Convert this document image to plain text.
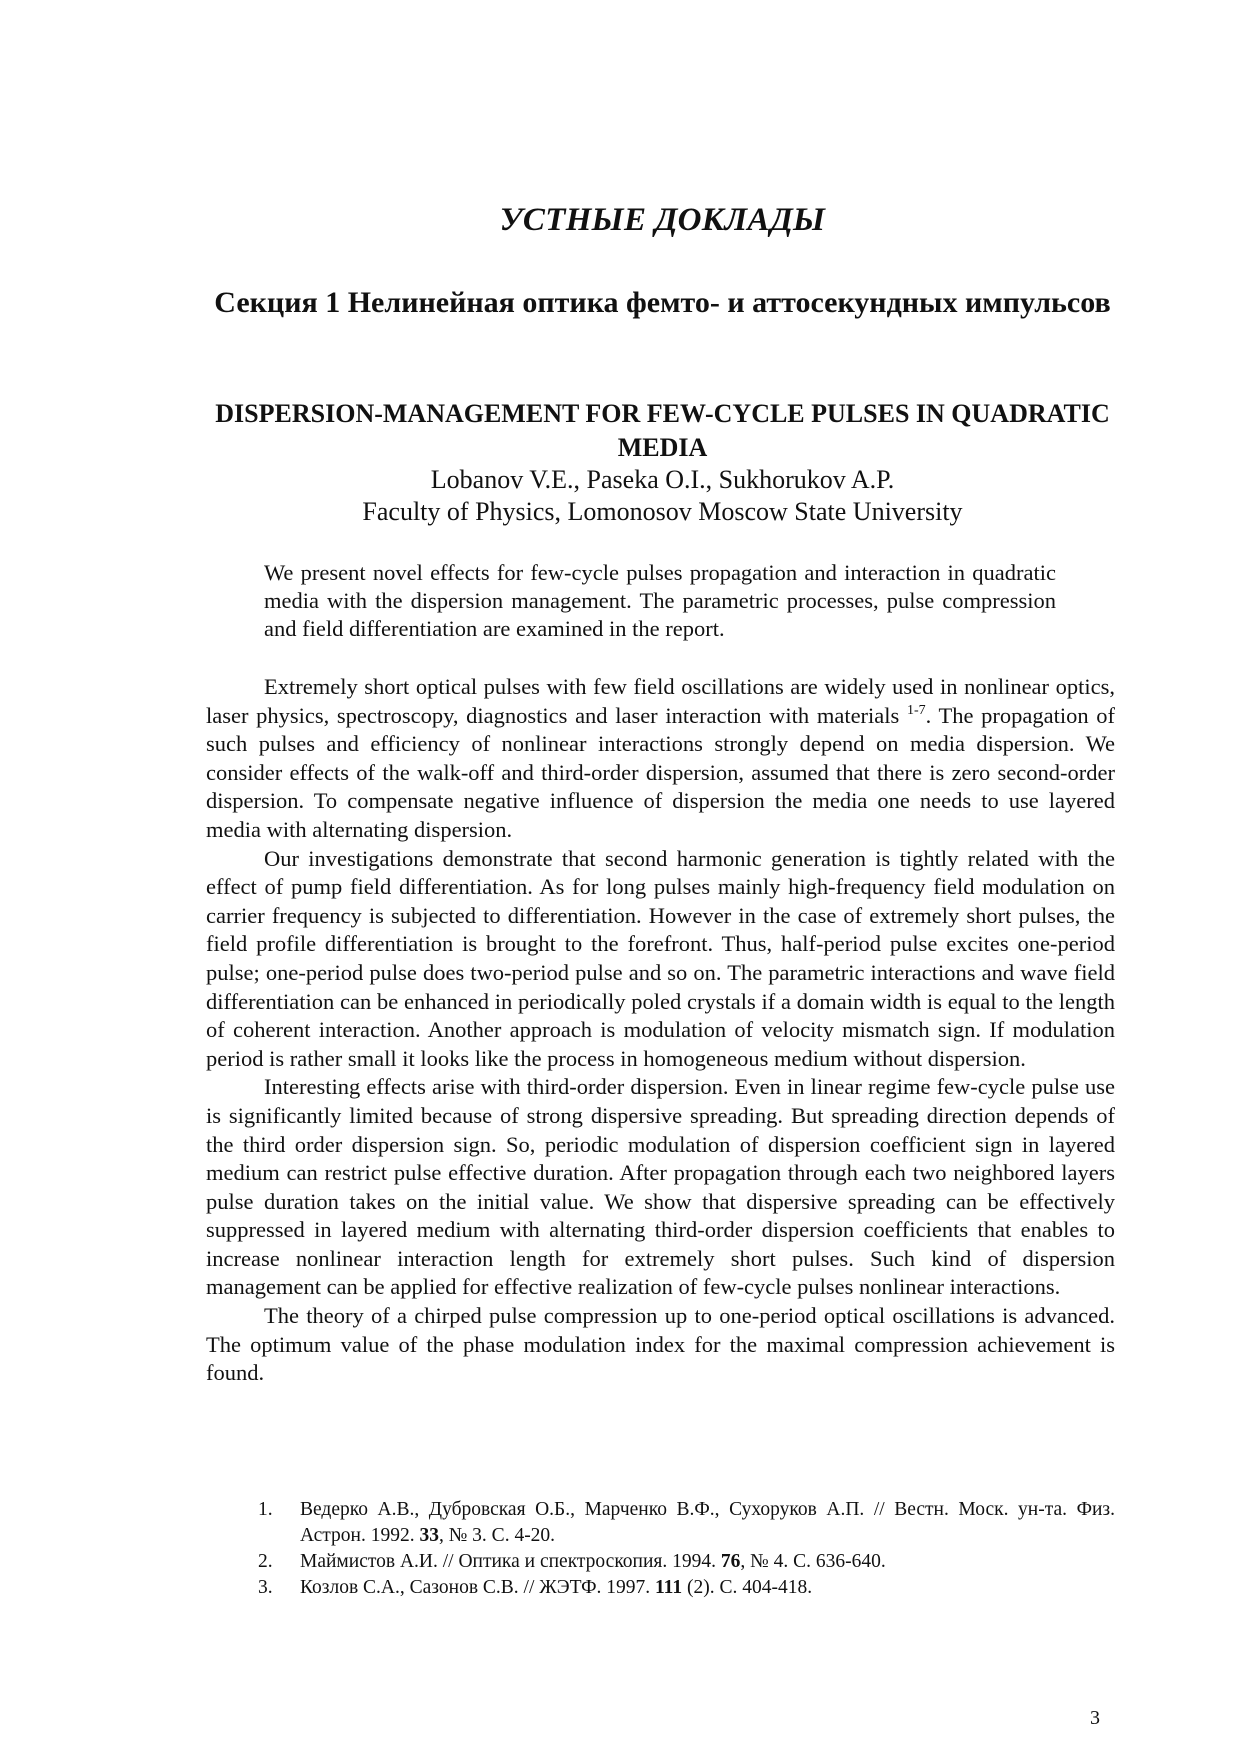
УСТНЫЕ ДОКЛАДЫ
Секция 1 Нелинейная оптика фемто- и аттосекундных импульсов
DISPERSION-MANAGEMENT FOR FEW-CYCLE PULSES IN QUADRATIC MEDIA
Lobanov V.E., Paseka O.I., Sukhorukov A.P.
Faculty of Physics, Lomonosov Moscow State University
We present novel effects for few-cycle pulses propagation and interaction in quadratic media with the dispersion management. The parametric processes, pulse compression and field differentiation are examined in the report.

Extremely short optical pulses with few field oscillations are widely used in nonlinear optics, laser physics, spectroscopy, diagnostics and laser interaction with materials $^{1-7}$. The propagation of such pulses and efficiency of nonlinear interactions strongly depend on media dispersion. We consider effects of the walk-off and third-order dispersion, assumed that there is zero second-order dispersion. To compensate negative influence of dispersion the media one needs to use layered media with alternating dispersion.

Our investigations demonstrate that second harmonic generation is tightly related with the effect of pump field differentiation. As for long pulses mainly high-frequency field modulation on carrier frequency is subjected to differentiation. However in the case of extremely short pulses, the field profile differentiation is brought to the forefront. Thus, half-period pulse excites one-period pulse; one-period pulse does two-period pulse and so on. The parametric interactions and wave field differentiation can be enhanced in periodically poled crystals if a domain width is equal to the length of coherent interaction. Another approach is modulation of velocity mismatch sign. If modulation period is rather small it looks like the process in homogeneous medium without dispersion.

Interesting effects arise with third-order dispersion. Even in linear regime few-cycle pulse use is significantly limited because of strong dispersive spreading. But spreading direction depends of the third order dispersion sign. So, periodic modulation of dispersion coefficient sign in layered medium can restrict pulse effective duration. After propagation through each two neighbored layers pulse duration takes on the initial value. We show that dispersive spreading can be effectively suppressed in layered medium with alternating third-order dispersion coefficients that enables to increase nonlinear interaction length for extremely short pulses. Such kind of dispersion management can be applied for effective realization of few-cycle pulses nonlinear interactions.

The theory of a chirped pulse compression up to one-period optical oscillations is advanced. The optimum value of the phase modulation index for the maximal compression achievement is found.

1. Ведерко А.В., Дубровская О.Б., Марченко В.Ф., Сухоруков А.П. // Вестн. Моск. ун-та. Физ. Астрон. 1992. 33, № 3. С. 4-20.
2. Маймистов А.И. // Оптика и спектроскопия. 1994. 76, № 4. С. 636-640.
3. Козлов С.А., Сазонов С.В. // ЖЭТФ. 1997. 111 (2). С. 404-418.
3
